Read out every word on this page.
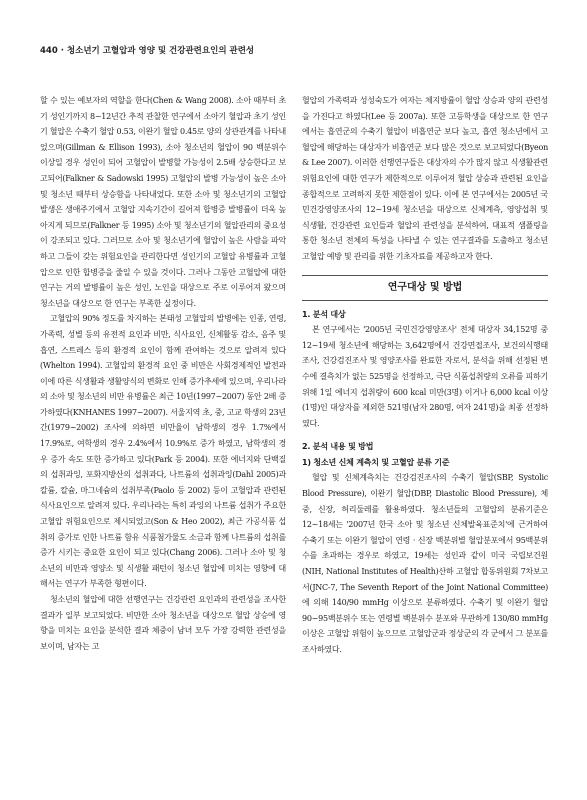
440 · 청소년기 고혈압과 영양 및 건강관련요인의 관련성

할 수 있는 예보자의 역할을 한다(Chen & Wang 2008). 소아 때부터 초기 성인기까지 8~12년간 추적 관찰한 연구에서 소아기 혈압과 초기 성인기 혈압은 수축기 혈압 0.53, 이완기 혈압 0.45로 양의 상관관계를 나타내었으며(Gillman & Ellison 1993), 소아 청소년의 혈압이 90 백분위수 이상일 경우 성인이 되어 고혈압이 발병할 가능성이 2.5배 상승한다고 보고되어(Falkner & Sadowski 1995) 고혈압의 발병 가능성이 높은 소아 및 청소년 때부터 상승함을 나타내었다. 또한 소아 및 청소년기의 고혈압 발생은 생애주기에서 고혈압 지속기간이 길어져 합병증 발병률이 더욱 높아지게 되므로(Falkner 등 1995) 소아 및 청소년기의 혈압관리의 중요성이 강조되고 있다. 그러므로 소아 및 청소년기에 혈압이 높은 사람을 파악하고 그들이 갖는 위험요인을 관리한다면 성인기의 고혈압 유병률과 고혈압으로 인한 합병증을 줄일 수 있을 것이다. 그러나 그동안 고혈압에 대한 연구는 거의 발병률이 높은 성인, 노인을 대상으로 주로 이루어져 왔으며 청소년을 대상으로 한 연구는 부족한 실정이다.

고혈압의 90% 정도를 차지하는 본태성 고혈압의 발병에는 인종, 연령, 가족력, 성별 등의 유전적 요인과 비만, 식사요인, 신체활동 감소, 음주 및 흡연, 스트레스 등의 환경적 요인이 함께 관여하는 것으로 알려져 있다(Whelton 1994). 고혈압의 환경적 요인 중 비만은 사회경제적인 발전과 이에 따른 식생활과 생활양식의 변화로 인해 증가추세에 있으며, 우리나라의 소아 및 청소년의 비만 유병률은 최근 10년(1997~2007) 동안 2배 증가하였다(KNHANES 1997~2007). 서울지역 초, 중, 고교 학생의 23년간(1979~2002) 조사에 의하면 비만율이 남학생의 경우 1.7%에서 17.9%로, 여학생의 경우 2.4%에서 10.9%로 증가 하였고, 남학생의 경우 증가 속도 또한 증가하고 있다(Park 등 2004). 또한 에너지와 단백질의 섭취과잉, 포화지방산의 섭취과다, 나트륨의 섭취과잉(Dahl 2005)과 칼륨, 칼슘, 마그네슘의 섭취부족(Paolo 등 2002) 등이 고혈압과 관련된 식사요인으로 알려져 있다. 우리나라는 특히 과잉의 나트륨 섭취가 주요한 고혈압 위험요인으로 제시되었고(Son & Heo 2002), 최근 가공식품 섭취의 증가로 인한 나트륨 함유 식품첨가물도 소금과 함께 나트륨의 섭취를 증가 시키는 중요한 요인이 되고 있다(Chang 2006). 그러나 소아 및 청소년의 비만과 영양소 및 식생활 패턴이 청소년 혈압에 미치는 영향에 대해서는 연구가 부족한 형편이다.

청소년의 혈압에 대한 선행연구는 건강관련 요인과의 관련성을 조사한 결과가 일부 보고되었다. 비만한 소아 청소년을 대상으로 혈압 상승에 영향을 미치는 요인을 분석한 결과 체중이 남녀 모두 가장 강력한 관련성을 보이며, 남자는 고

혈압의 가족력과 성성숙도가 여자는 체지방률이 혈압 상승과 양의 관련성을 가진다고 하였다(Lee 등 2007a). 또한 고등학생을 대상으로 한 연구에서는 흡연군의 수축기 혈압이 비흡연군 보다 높고, 흡연 청소년에서 고혈압에 해당하는 대상자가 비흡연군 보다 많은 것으로 보고되었다(Byeon & Lee 2007). 이러한 선행연구들은 대상자의 수가 많지 않고 식생활관련 위험요인에 대한 연구가 제한적으로 이루어져 혈압 상승과 관련된 요인을 종합적으로 고려하지 못한 제한점이 있다. 이에 본 연구에서는 2005년 국민건강영양조사의 12~19세 청소년을 대상으로 신체계측, 영양섭취 및 식생활, 건강관련 요인들과 혈압의 관련성을 분석하여, 대표적 샘플링을 통한 청소년 전체의 특성을 나타낼 수 있는 연구결과를 도출하고 청소년 고혈압 예방 및 관리를 위한 기초자료를 제공하고자 한다.

연구대상 및 방법
1. 분석 대상

본 연구에서는 '2005년 국민건강영양조사' 전체 대상자 34,152명 중 12~19세 청소년에 해당하는 3,642명에서 건강면접조사, 보건의식행태조사, 건강검진조사 및 영양조사를 완료한 자로서, 분석을 위해 선정된 변수에 결측치가 없는 525명을 선정하고, 극단 식품섭취량의 오류를 피하기 위해 1일 에너지 섭취량이 600 kcal 미만(3명) 이거나 6,000 kcal 이상(1명)인 대상자를 제외한 521명(남자 280명, 여자 241명)을 최종 선정하였다.

2. 분석 내용 및 방법
1) 청소년 신체 계측치 및 고혈압 분류 기준

혈압 및 신체계측치는 건강검진조사의 수축기 혈압(SBP, Systolic Blood Pressure), 이완기 혈압(DBP, Diastolic Blood Pressure), 체중, 신장, 허리둘레를 활용하였다. 청소년들의 고혈압의 분류기준은 12~18세는 '2007년 한국 소아 및 청소년 신체발육표준치'에 근거하여 수축기 또는 이완기 혈압이 연령 · 신장 백분위별 혈압분포에서 95백분위수를 초과하는 경우로 하였고, 19세는 성인과 같이 미국 국립보건원(NIH, National Institutes of Health)산하 고혈압 합동위원회 7차보고서(JNC-7, The Seventh Report of the Joint National Committee)에 의해 140/90 mmHg 이상으로 분류하였다. 수축기 및 이완기 혈압 90~95백분위수 또는 연령별 백분위수 분포와 무관하게 130/80 mmHg 이상은 고혈압 위험이 높으므로 고혈압군과 정상군의 각 군에서 그 분포를 조사하였다.
